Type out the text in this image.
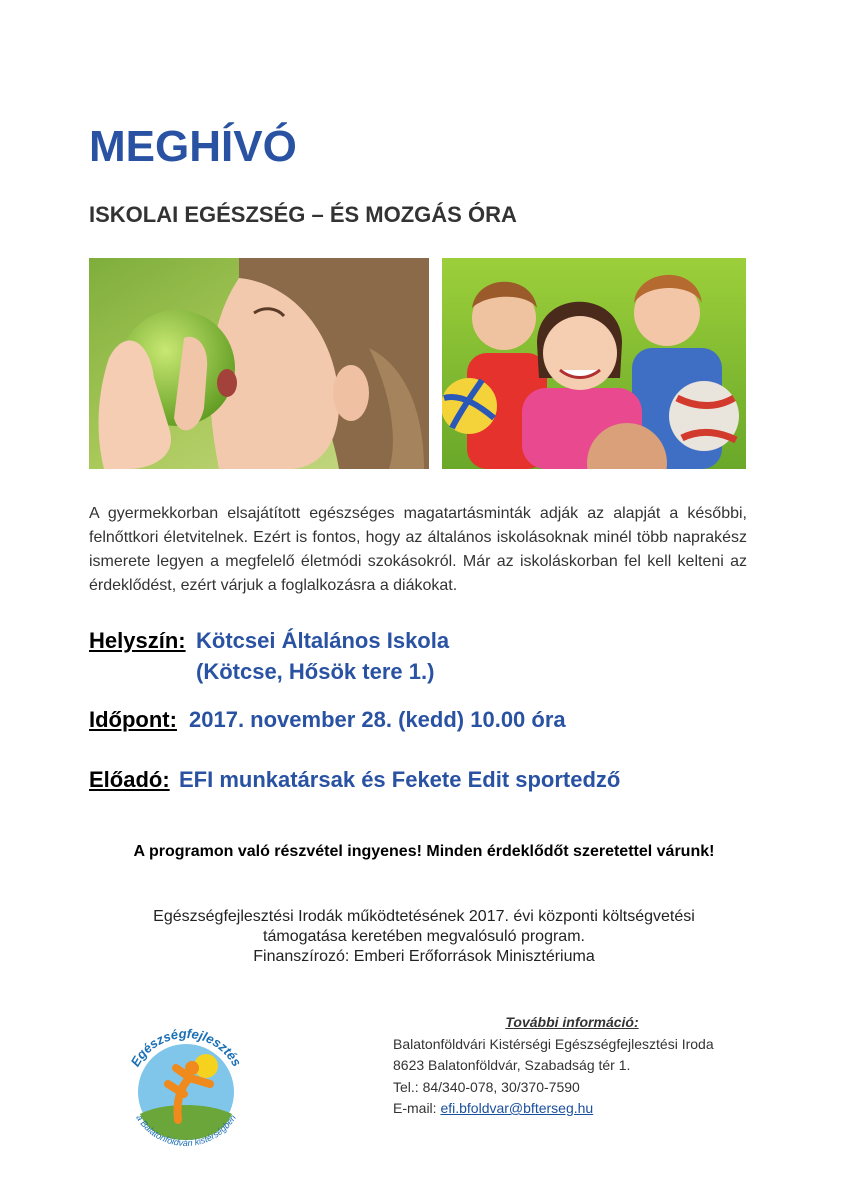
MEGHÍVÓ
ISKOLAI EGÉSZSÉG – ÉS MOZGÁS ÓRA

A gyermekkorban elsajátított egészséges magatartásminták adják az alapját a későbbi, felnőttkori életvitelnek. Ezért is fontos, hogy az általános iskolásoknak minél több naprakész ismerete legyen a megfelelő életmódi szokásokról. Már az iskoláskorban fel kell kelteni az érdeklődést, ezért várjuk a foglalkozásra a diákokat.

Helyszín: Kötcsei Általános Iskola
(Kötcse, Hősök tere 1.)
Időpont: 2017. november 28. (kedd) 10.00 óra
Előadó: EFI munkatársak és Fekete Edit sportedző
A programon való részvétel ingyenes! Minden érdeklődőt szeretettel várunk!
Egészségfejlesztési Irodák működtetésének 2017. évi központi költségvetési
támogatása keretében megvalósuló program.
Finanszírozó: Emberi Erőforrások Minisztériuma
Egészségfejlesztés
a Balatonföldvári kistérségben
További információ:
Balatonföldvári Kistérségi Egészségfejlesztési Iroda
8623 Balatonföldvár, Szabadság tér 1.
Tel.: 84/340-078, 30/370-7590
E-mail: efi.bfoldvar@bfterseg.hu
